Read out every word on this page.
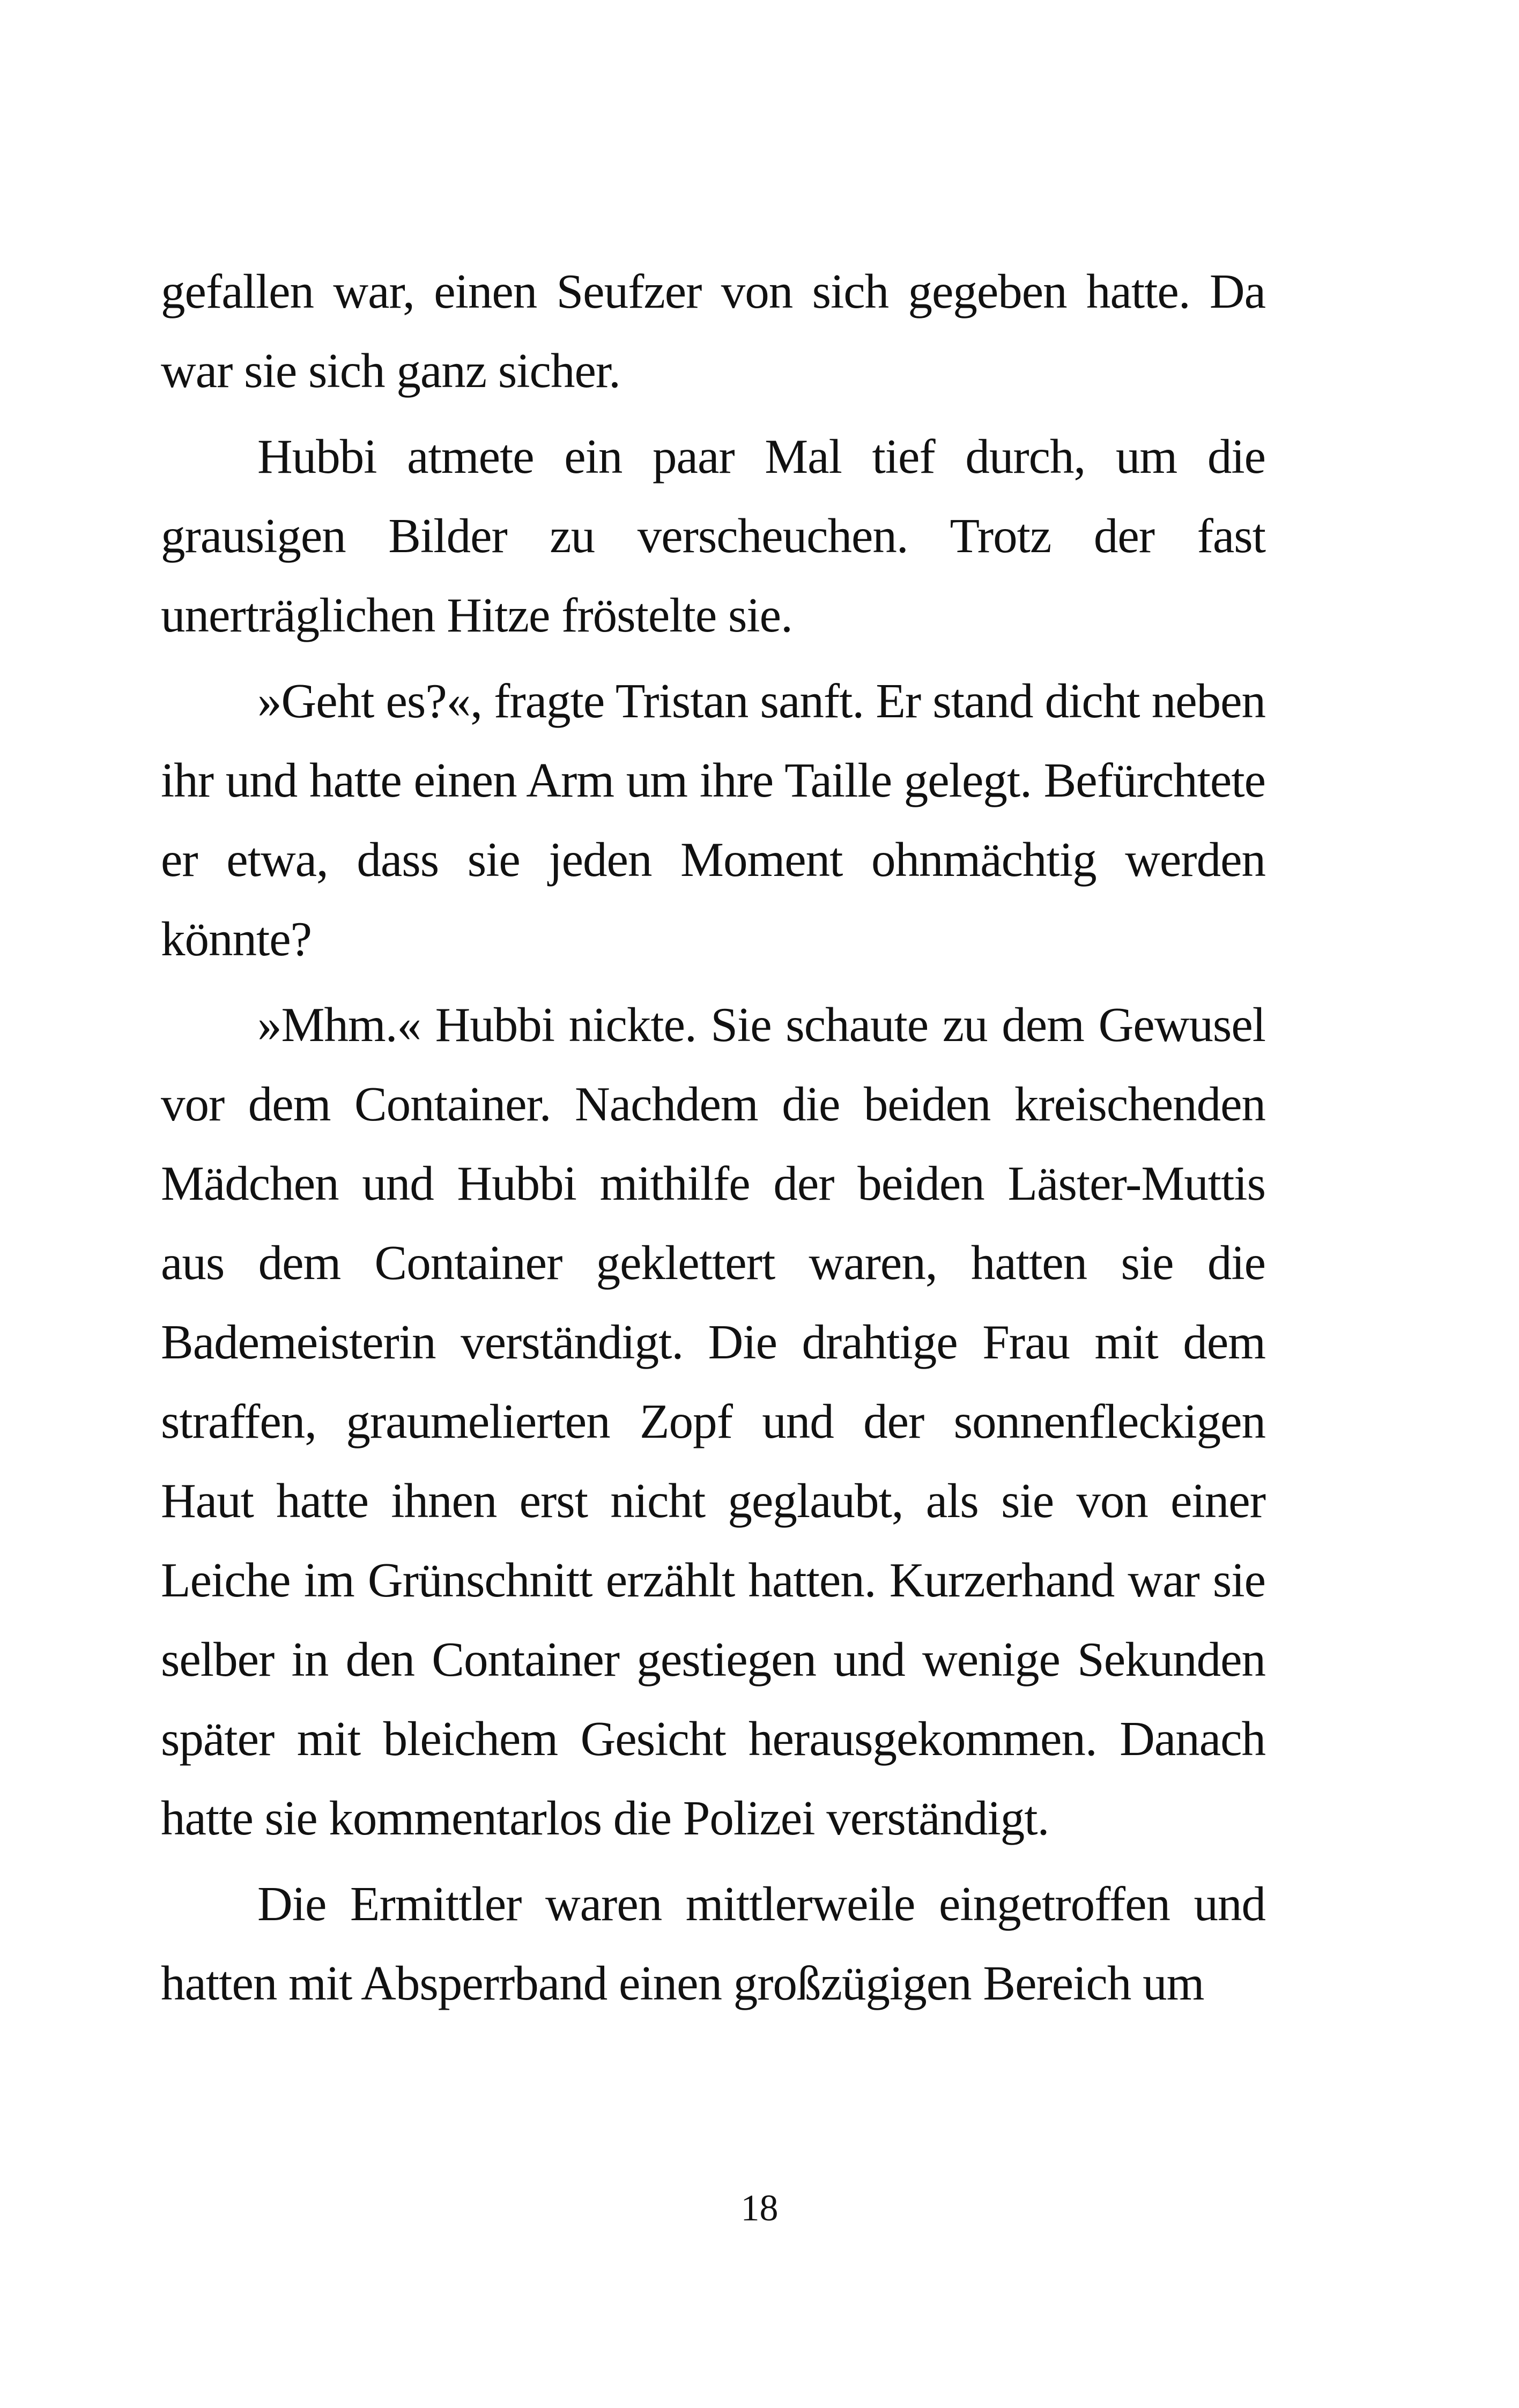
gefallen war, einen Seufzer von sich gegeben hatte. Da war sie sich ganz sicher.

Hubbi atmete ein paar Mal tief durch, um die grausigen Bilder zu verscheuchen. Trotz der fast unerträglichen Hitze fröstelte sie.

»Geht es?«, fragte Tristan sanft. Er stand dicht neben ihr und hatte einen Arm um ihre Taille gelegt. Befürchtete er etwa, dass sie jeden Moment ohnmächtig werden könnte?

»Mhm.« Hubbi nickte. Sie schaute zu dem Gewusel vor dem Container. Nachdem die beiden kreischenden Mädchen und Hubbi mithilfe der beiden Läster-Muttis aus dem Container geklettert waren, hatten sie die Bademeisterin verständigt. Die drahtige Frau mit dem straffen, graumelierten Zopf und der sonnenfleckigen Haut hatte ihnen erst nicht geglaubt, als sie von einer Leiche im Grünschnitt erzählt hatten. Kurzerhand war sie selber in den Container gestiegen und wenige Sekunden später mit bleichem Gesicht herausgekommen. Danach hatte sie kommentarlos die Polizei verständigt.

Die Ermittler waren mittlerweile eingetroffen und hatten mit Absperrband einen großzügigen Bereich um

18
